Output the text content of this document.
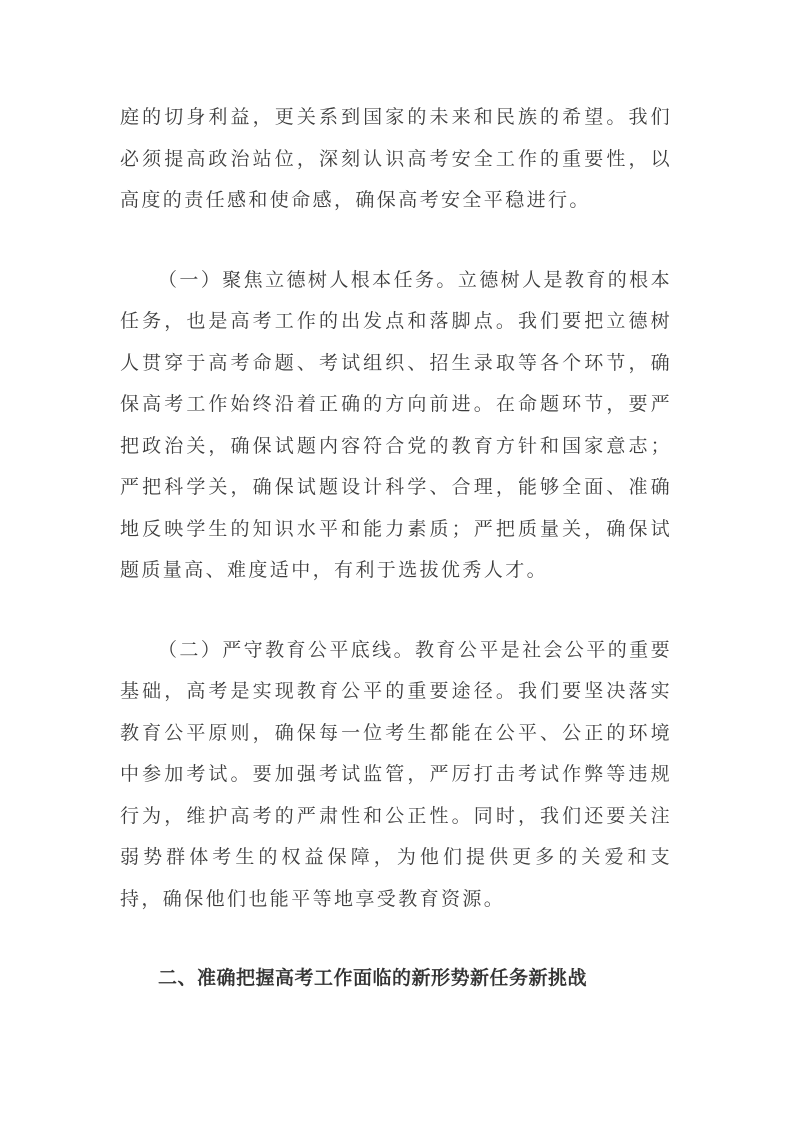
庭的切身利益，更关系到国家的未来和民族的希望。我们必须提高政治站位，深刻认识高考安全工作的重要性，以高度的责任感和使命感，确保高考安全平稳进行。

（一）聚焦立德树人根本任务。立德树人是教育的根本任务，也是高考工作的出发点和落脚点。我们要把立德树人贯穿于高考命题、考试组织、招生录取等各个环节，确保高考工作始终沿着正确的方向前进。在命题环节，要严把政治关，确保试题内容符合党的教育方针和国家意志；严把科学关，确保试题设计科学、合理，能够全面、准确地反映学生的知识水平和能力素质；严把质量关，确保试题质量高、难度适中，有利于选拔优秀人才。

（二）严守教育公平底线。教育公平是社会公平的重要基础，高考是实现教育公平的重要途径。我们要坚决落实教育公平原则，确保每一位考生都能在公平、公正的环境中参加考试。要加强考试监管，严厉打击考试作弊等违规行为，维护高考的严肃性和公正性。同时，我们还要关注弱势群体考生的权益保障，为他们提供更多的关爱和支持，确保他们也能平等地享受教育资源。

二、准确把握高考工作面临的新形势新任务新挑战
